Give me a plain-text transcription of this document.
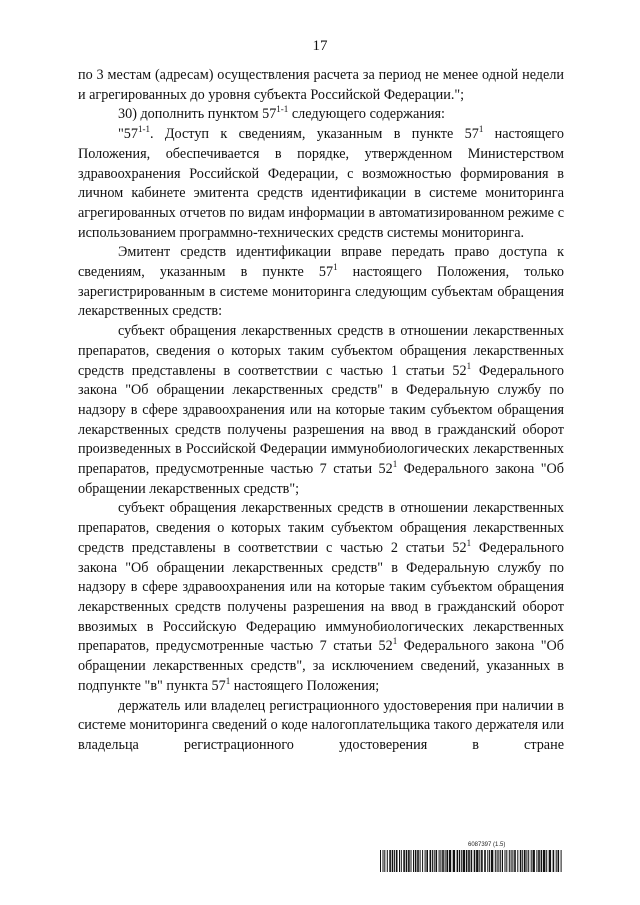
17

по 3 местам (адресам) осуществления расчета за период не менее одной недели и агрегированных до уровня субъекта Российской Федерации.";

30) дополнить пунктом 57$^{1-1}$ следующего содержания:

"57$^{1-1}$. Доступ к сведениям, указанным в пункте $57^1$ настоящего Положения, обеспечивается в порядке, утвержденном Министерством здравоохранения Российской Федерации, с возможностью формирования в личном кабинете эмитента средств идентификации в системе мониторинга агрегированных отчетов по видам информации в автоматизированном режиме с использованием программно-технических средств системы мониторинга.

Эмитент средств идентификации вправе передать право доступа к сведениям, указанным в пункте $57^1$ настоящего Положения, только зарегистрированным в системе мониторинга следующим субъектам обращения лекарственных средств:

субъект обращения лекарственных средств в отношении лекарственных препаратов, сведения о которых таким субъектом обращения лекарственных средств представлены в соответствии с частью 1 статьи $52^1$ Федерального закона "Об обращении лекарственных средств" в Федеральную службу по надзору в сфере здравоохранения или на которые таким субъектом обращения лекарственных средств получены разрешения на ввод в гражданский оборот произведенных в Российской Федерации иммунобиологических лекарственных препаратов, предусмотренные частью 7 статьи $52^1$ Федерального закона "Об обращении лекарственных средств";

субъект обращения лекарственных средств в отношении лекарственных препаратов, сведения о которых таким субъектом обращения лекарственных средств представлены в соответствии с частью 2 статьи $52^1$ Федерального закона "Об обращении лекарственных средств" в Федеральную службу по надзору в сфере здравоохранения или на которые таким субъектом обращения лекарственных средств получены разрешения на ввод в гражданский оборот ввозимых в Российскую Федерацию иммунобиологических лекарственных препаратов, предусмотренные частью 7 статьи $52^1$ Федерального закона "Об обращении лекарственных средств", за исключением сведений, указанных в подпункте "в" пункта $57^1$ настоящего Положения;

держатель или владелец регистрационного удостоверения при наличии в системе мониторинга сведений о коде налогоплательщика такого держателя или владельца регистрационного удостоверения в стране

6087397 (1.5)
